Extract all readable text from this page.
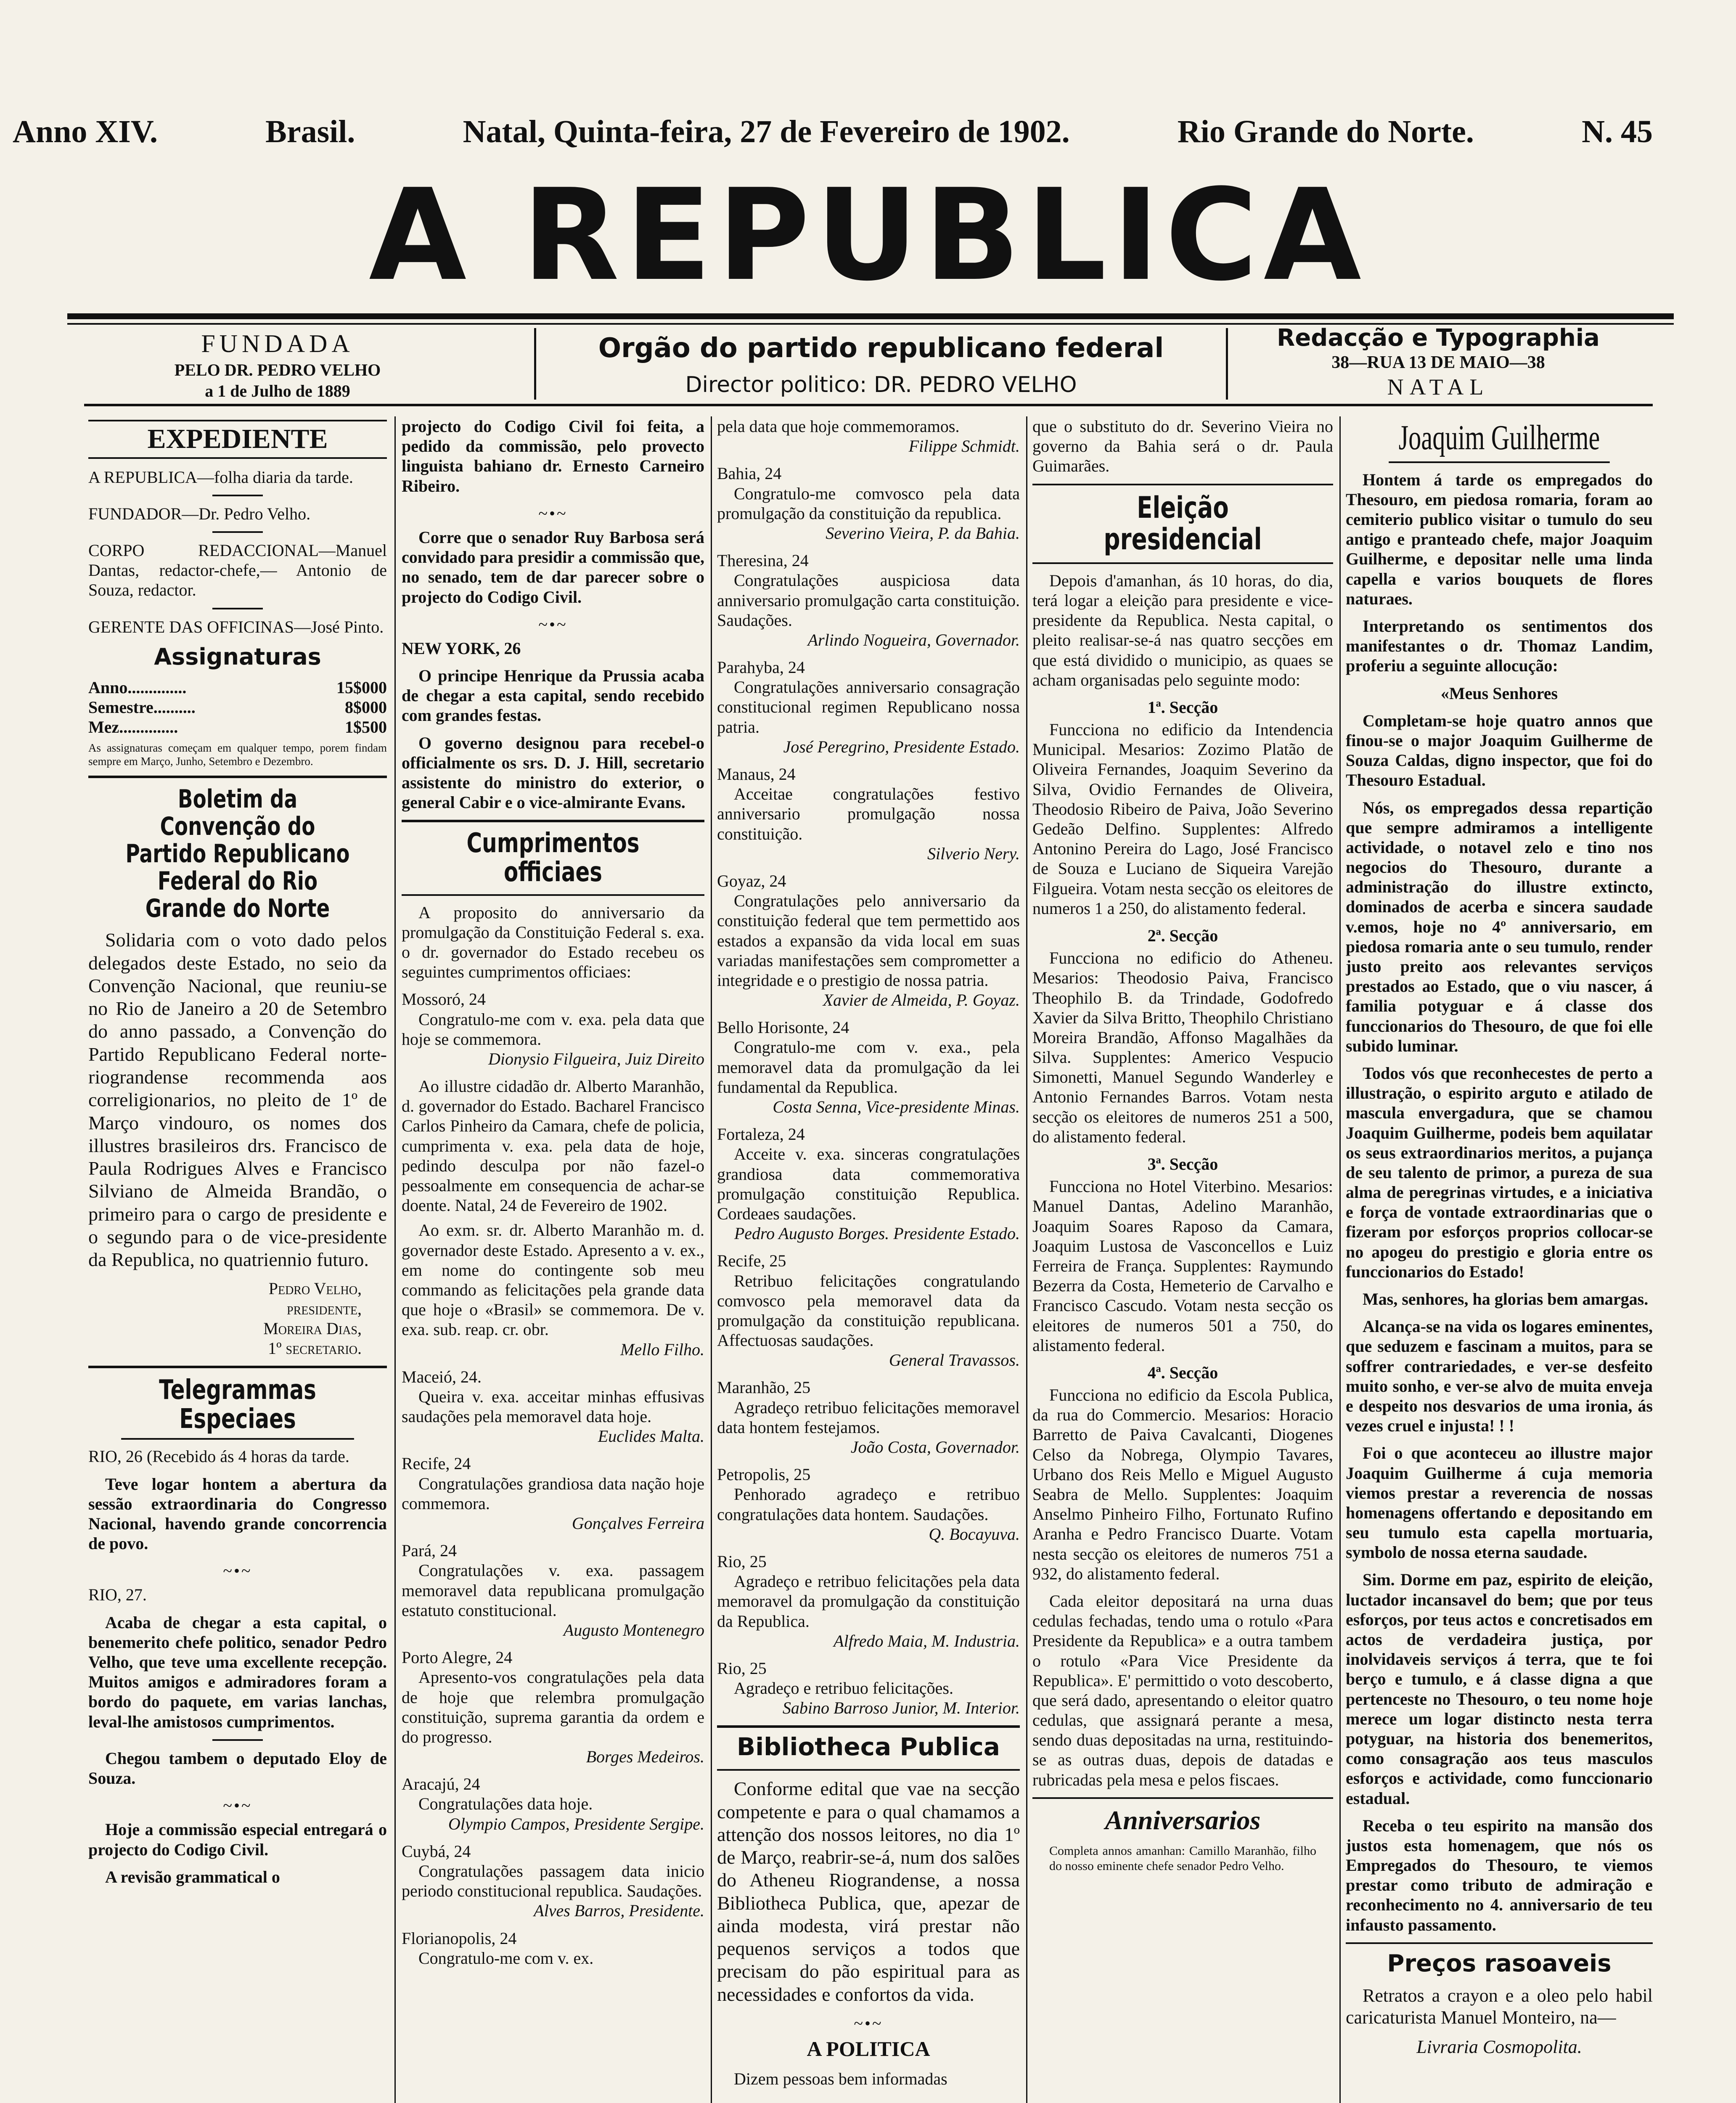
Anno XIV.	Brasil.	Natal, Quinta-feira, 27 de Fevereiro de 1902.	Rio Grande do Norte.	N. 45
A REPUBLICA
FUNDADA
PELO DR. PEDRO VELHO
a 1 de Julho de 1889
Orgão do partido republicano federal
Director politico: DR. PEDRO VELHO
Redacção e Typographia
38—RUA 13 DE MAIO—38
NATAL
EXPEDIENTE

A REPUBLICA—folha diaria da tarde.

FUNDADOR—Dr. Pedro Velho.

CORPO REDACCIONAL—Manuel Dantas, redactor-chefe,— Antonio de Souza, redactor.

GERENTE DAS OFFICINAS—José Pinto.

Assignaturas
Anno..............	15$000
Semestre..........	8$000
Mez..............	1$500

As assignaturas começam em qualquer tempo, porem findam sempre em Março, Junho, Setembro e Dezembro.

Boletim da Convenção do Partido Republicano Federal do Rio Grande do Norte

Solidaria com o voto dado pelos delegados deste Estado, no seio da Convenção Nacional, que reuniu-se no Rio de Janeiro a 20 de Setembro do anno passado, a Convenção do Partido Republicano Federal norte-riograndense recommenda aos correligionarios, no pleito de 1º de Março vindouro, os nomes dos illustres brasileiros drs. Francisco de Paula Rodrigues Alves e Francisco Silviano de Almeida Brandão, o primeiro para o cargo de presidente e o segundo para o de vice-presidente da Republica, no quatriennio futuro.

Pedro Velho,
presidente,
Moreira Dias,
1º secretario.
Telegrammas Especiaes

RIO, 26 (Recebido ás 4 horas da tarde.

Teve logar hontem a abertura da sessão extraordinaria do Congresso Nacional, havendo grande concorrencia de povo.

~•~

RIO, 27.

Acaba de chegar a esta capital, o benemerito chefe politico, senador Pedro Velho, que teve uma excellente recepção. Muitos amigos e admiradores foram a bordo do paquete, em varias lanchas, leval-lhe amistosos cumprimentos.

Chegou tambem o deputado Eloy de Souza.

~•~

Hoje a commissão especial entregará o projecto do Codigo Civil.

A revisão grammatical o

projecto do Codigo Civil foi feita, a pedido da commissão, pelo provecto linguista bahiano dr. Ernesto Carneiro Ribeiro.

~•~

Corre que o senador Ruy Barbosa será convidado para presidir a commissão que, no senado, tem de dar parecer sobre o projecto do Codigo Civil.

~•~

NEW YORK, 26

O principe Henrique da Prussia acaba de chegar a esta capital, sendo recebido com grandes festas.

O governo designou para recebel-o officialmente os srs. D. J. Hill, secretario assistente do ministro do exterior, o general Cabir e o vice-almirante Evans.

Cumprimentos officiaes

A proposito do anniversario da promulgação da Constituição Federal s. exa. o dr. governador do Estado recebeu os seguintes cumprimentos officiaes:

Mossoró, 24

Congratulo-me com v. exa. pela data que hoje se commemora.

Dionysio Filgueira, Juiz Direito

Ao illustre cidadão dr. Alberto Maranhão, d. governador do Estado. Bacharel Francisco Carlos Pinheiro da Camara, chefe de policia, cumprimenta v. exa. pela data de hoje, pedindo desculpa por não fazel-o pessoalmente em consequencia de achar-se doente. Natal, 24 de Fevereiro de 1902.

Ao exm. sr. dr. Alberto Maranhão m. d. governador deste Estado. Apresento a v. ex., em nome do contingente sob meu commando as felicitações pela grande data que hoje o «Brasil» se commemora. De v. exa. sub. reap. cr. obr.

Mello Filho.

Maceió, 24.

Queira v. exa. acceitar minhas effusivas saudações pela memoravel data hoje.

Euclides Malta.

Recife, 24

Congratulações grandiosa data nação hoje commemora.

Gonçalves Ferreira

Pará, 24

Congratulações v. exa. passagem memoravel data republicana promulgação estatuto constitucional.

Augusto Montenegro

Porto Alegre, 24

Apresento-vos congratulações pela data de hoje que relembra promulgação constituição, suprema garantia da ordem e do progresso.

Borges Medeiros.

Aracajú, 24

Congratulações data hoje.

Olympio Campos, Presidente Sergipe.

Cuybá, 24

Congratulações passagem data inicio periodo constitucional republica. Saudações.

Alves Barros, Presidente.

Florianopolis, 24

Congratulo-me com v. ex.

pela data que hoje commemoramos.

Filippe Schmidt.

Bahia, 24

Congratulo-me comvosco pela data promulgação da constituição da republica.

Severino Vieira, P. da Bahia.

Theresina, 24

Congratulações auspiciosa data anniversario promulgação carta constituição. Saudações.

Arlindo Nogueira, Governador.

Parahyba, 24

Congratulações anniversario consagração constitucional regimen Republicano nossa patria.

José Peregrino, Presidente Estado.

Manaus, 24

Acceitae congratulações festivo anniversario promulgação nossa constituição.

Silverio Nery.

Goyaz, 24

Congratulações pelo anniversario da constituição federal que tem permettido aos estados a expansão da vida local em suas variadas manifestações sem comprometter a integridade e o prestigio de nossa patria.

Xavier de Almeida, P. Goyaz.

Bello Horisonte, 24

Congratulo-me com v. exa., pela memoravel data da promulgação da lei fundamental da Republica.

Costa Senna, Vice-presidente Minas.

Fortaleza, 24

Acceite v. exa. sinceras congratulações grandiosa data commemorativa promulgação constituição Republica. Cordeaes saudações.

Pedro Augusto Borges. Presidente Estado.

Recife, 25

Retribuo felicitações congratulando comvosco pela memoravel data da promulgação da constituição republicana. Affectuosas saudações.

General Travassos.

Maranhão, 25

Agradeço retribuo felicitações memoravel data hontem festejamos.

João Costa, Governador.

Petropolis, 25

Penhorado agradeço e retribuo congratulações data hontem. Saudações.

Q. Bocayuva.

Rio, 25

Agradeço e retribuo felicitações pela data memoravel da promulgação da constituição da Republica.

Alfredo Maia, M. Industria.

Rio, 25

Agradeço e retribuo felicitações.

Sabino Barroso Junior, M. Interior.

Bibliotheca Publica

Conforme edital que vae na secção competente e para o qual chamamos a attenção dos nossos leitores, no dia 1º de Março, reabrir-se-á, num dos salões do Atheneu Riograndense, a nossa Bibliotheca Publica, que, apezar de ainda modesta, virá prestar não pequenos serviços a todos que precisam do pão espiritual para as necessidades e confortos da vida.

~•~
A POLITICA

Dizem pessoas bem informadas

que o substituto do dr. Severino Vieira no governo da Bahia será o dr. Paula Guimarães.

Eleição presidencial

Depois d'amanhan, ás 10 horas, do dia, terá logar a eleição para presidente e vice-presidente da Republica. Nesta capital, o pleito realisar-se-á nas quatro secções em que está dividido o municipio, as quaes se acham organisadas pelo seguinte modo:

1ª. Secção

Funcciona no edificio da Intendencia Municipal. Mesarios: Zozimo Platão de Oliveira Fernandes, Joaquim Severino da Silva, Ovidio Fernandes de Oliveira, Theodosio Ribeiro de Paiva, João Severino Gedeão Delfino. Supplentes: Alfredo Antonino Pereira do Lago, José Francisco de Souza e Luciano de Siqueira Varejão Filgueira. Votam nesta secção os eleitores de numeros 1 a 250, do alistamento federal.

2ª. Secção

Funcciona no edificio do Atheneu. Mesarios: Theodosio Paiva, Francisco Theophilo B. da Trindade, Godofredo Xavier da Silva Britto, Theophilo Christiano Moreira Brandão, Affonso Magalhães da Silva. Supplentes: Americo Vespucio Simonetti, Manuel Segundo Wanderley e Antonio Fernandes Barros. Votam nesta secção os eleitores de numeros 251 a 500, do alistamento federal.

3ª. Secção

Funcciona no Hotel Viterbino. Mesarios: Manuel Dantas, Adelino Maranhão, Joaquim Soares Raposo da Camara, Joaquim Lustosa de Vasconcellos e Luiz Ferreira de França. Supplentes: Raymundo Bezerra da Costa, Hemeterio de Carvalho e Francisco Cascudo. Votam nesta secção os eleitores de numeros 501 a 750, do alistamento federal.

4ª. Secção

Funcciona no edificio da Escola Publica, da rua do Commercio. Mesarios: Horacio Barretto de Paiva Cavalcanti, Diogenes Celso da Nobrega, Olympio Tavares, Urbano dos Reis Mello e Miguel Augusto Seabra de Mello. Supplentes: Joaquim Anselmo Pinheiro Filho, Fortunato Rufino Aranha e Pedro Francisco Duarte. Votam nesta secção os eleitores de numeros 751 a 932, do alistamento federal.

Cada eleitor depositará na urna duas cedulas fechadas, tendo uma o rotulo «Para Presidente da Republica» e a outra tambem o rotulo «Para Vice Presidente da Republica». E' permittido o voto descoberto, que será dado, apresentando o eleitor quatro cedulas, que assignará perante a mesa, sendo duas depositadas na urna, restituindo-se as outras duas, depois de datadas e rubricadas pela mesa e pelos fiscaes.

Anniversarios

Completa annos amanhan: Camillo Maranhão, filho do nosso eminente chefe senador Pedro Velho.

Joaquim Guilherme

Hontem á tarde os empregados do Thesouro, em piedosa romaria, foram ao cemiterio publico visitar o tumulo do seu antigo e pranteado chefe, major Joaquim Guilherme, e depositar nelle uma linda capella e varios bouquets de flores naturaes.

Interpretando os sentimentos dos manifestantes o dr. Thomaz Landim, proferiu a seguinte allocução:

«Meus Senhores

Completam-se hoje quatro annos que finou-se o major Joaquim Guilherme de Souza Caldas, digno inspector, que foi do Thesouro Estadual.

Nós, os empregados dessa repartição que sempre admiramos a intelligente actividade, o notavel zelo e tino nos negocios do Thesouro, durante a administração do illustre extincto, dominados de acerba e sincera saudade v.emos, hoje no 4º anniversario, em piedosa romaria ante o seu tumulo, render justo preito aos relevantes serviços prestados ao Estado, que o viu nascer, á familia potyguar e á classe dos funccionarios do Thesouro, de que foi elle subido luminar.

Todos vós que reconhecestes de perto a illustração, o espirito arguto e atilado de mascula envergadura, que se chamou Joaquim Guilherme, podeis bem aquilatar os seus extraordinarios meritos, a pujança de seu talento de primor, a pureza de sua alma de peregrinas virtudes, e a iniciativa e força de vontade extraordinarias que o fizeram por esforços proprios collocar-se no apogeu do prestigio e gloria entre os funccionarios do Estado!

Mas, senhores, ha glorias bem amargas.

Alcança-se na vida os logares eminentes, que seduzem e fascinam a muitos, para se soffrer contrariedades, e ver-se desfeito muito sonho, e ver-se alvo de muita enveja e despeito nos desvarios de uma ironia, ás vezes cruel e injusta! ! !

Foi o que aconteceu ao illustre major Joaquim Guilherme á cuja memoria viemos prestar a reverencia de nossas homenagens offertando e depositando em seu tumulo esta capella mortuaria, symbolo de nossa eterna saudade.

Sim. Dorme em paz, espirito de eleição, luctador incansavel do bem; que por teus esforços, por teus actos e concretisados em actos de verdadeira justiça, por inolvidaveis serviços á terra, que te foi berço e tumulo, e á classe digna a que pertenceste no Thesouro, o teu nome hoje merece um logar distincto nesta terra potyguar, na historia dos benemeritos, como consagração aos teus masculos esforços e actividade, como funccionario estadual.

Receba o teu espirito na mansão dos justos esta homenagem, que nós os Empregados do Thesouro, te viemos prestar como tributo de admiração e reconhecimento no 4. anniversario de teu infausto passamento.

Preços rasoaveis

Retratos a crayon e a oleo pelo habil caricaturista Manuel Monteiro, na—

Livraria Cosmopolita.
